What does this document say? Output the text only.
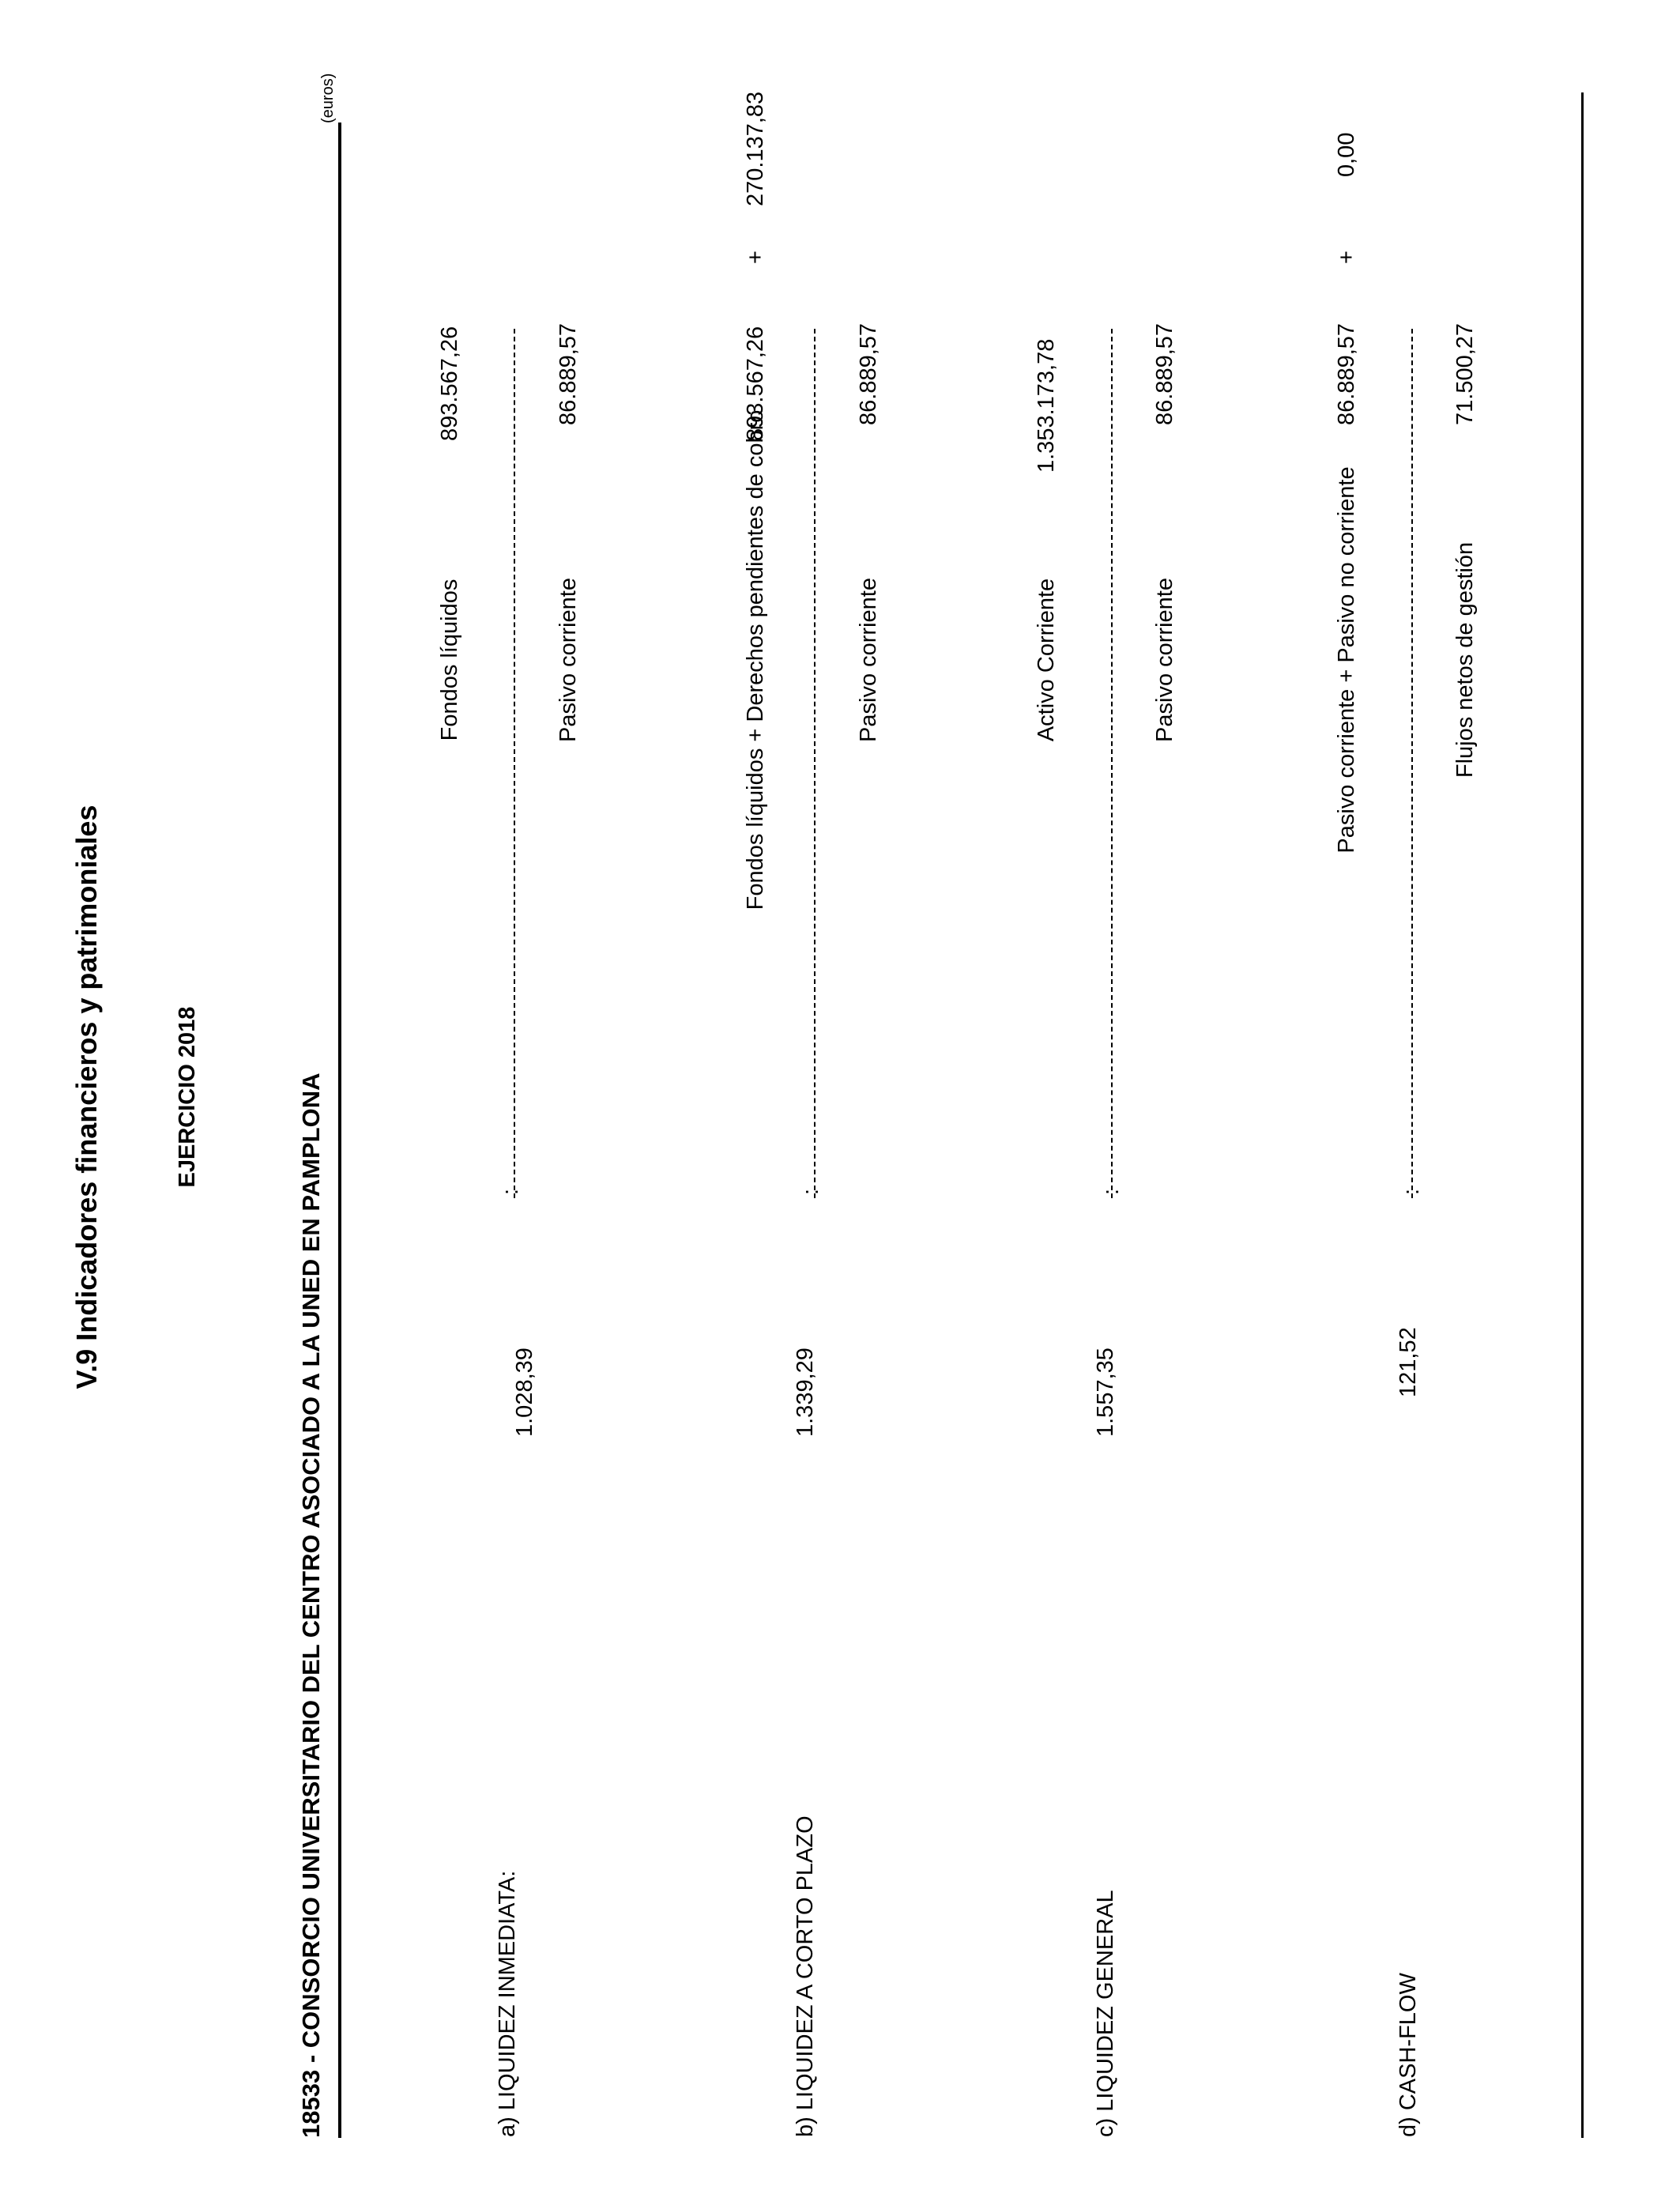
V.9 Indicadores financieros y patrimoniales	EJERCICIO 2018	18533 - CONSORCIO UNIVERSITARIO DEL CENTRO ASOCIADO A LA UNED EN PAMPLONA
(euros)
a) LIQUIDEZ INMEDIATA:
1.028,39
:
Fondos líquidos
893.567,26
Pasivo corriente
86.889,57
b) LIQUIDEZ A CORTO PLAZO
1.339,29
:
Fondos líquidos + Derechos pendientes de cobro
893.567,26
+
270.137,83
Pasivo corriente
86.889,57
c) LIQUIDEZ GENERAL
1.557,35
:
Activo Corriente
1.353.173,78
Pasivo corriente
86.889,57
d) CASH-FLOW
121,52
:
Pasivo corriente + Pasivo no corriente
86.889,57
+
0,00
Flujos netos de gestión
71.500,27
